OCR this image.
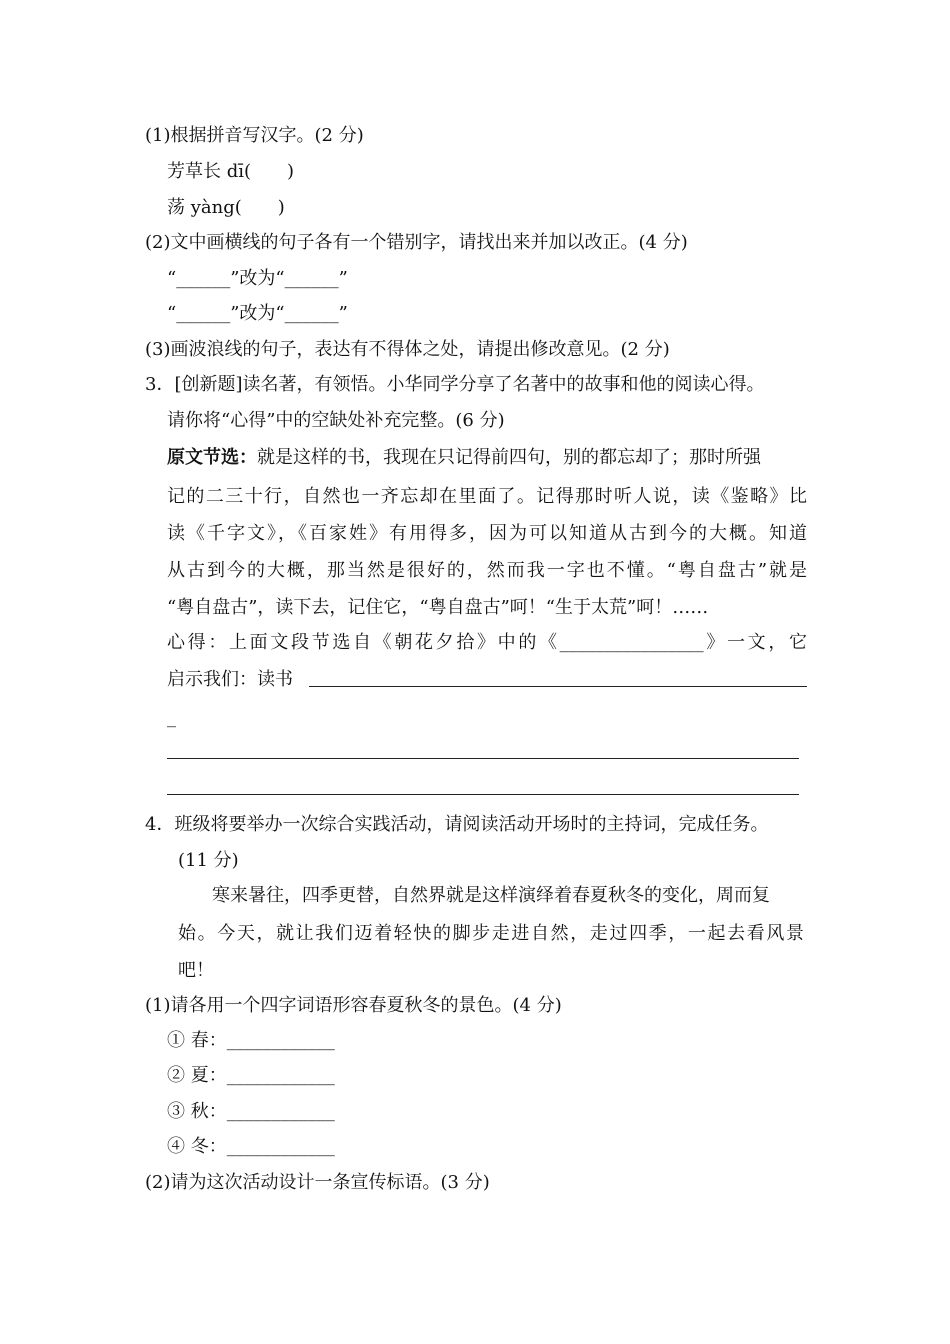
(1)根据拼音写汉字。(2 分)
芳草长 dī(　　)
荡 yàng(　　)
(2)文中画横线的句子各有一个错别字，请找出来并加以改正。(4 分)
“______”改为“______”
“______”改为“______”
(3)画波浪线的句子，表达有不得体之处，请提出修改意见。(2 分)
3．[创新题]读名著，有领悟。小华同学分享了名著中的故事和他的阅读心得。
请你将“心得”中的空缺处补充完整。(6 分)
原文节选：就是这样的书，我现在只记得前四句，别的都忘却了；那时所强
记的二三十行，自然也一齐忘却在里面了。记得那时听人说，读《鉴略》比
读《千字文》，《百家姓》有用得多，因为可以知道从古到今的大概。知道
从古到今的大概，那当然是很好的，然而我一字也不懂。“粤自盘古”就是
“粤自盘古”，读下去，记住它，“粤自盘古”呵！“生于太荒”呵！……
心得：上面文段节选自《朝花夕拾》中的《________________》一文，它
启示我们：读书
_
4．班级将要举办一次综合实践活动，请阅读活动开场时的主持词，完成任务。
(11 分)
寒来暑往，四季更替，自然界就是这样演绎着春夏秋冬的变化，周而复
始。今天，就让我们迈着轻快的脚步走进自然，走过四季，一起去看风景
吧！
(1)请各用一个四字词语形容春夏秋冬的景色。(4 分)
① 春：____________
② 夏：____________
③ 秋：____________
④ 冬：____________
(2)请为这次活动设计一条宣传标语。(3 分)
